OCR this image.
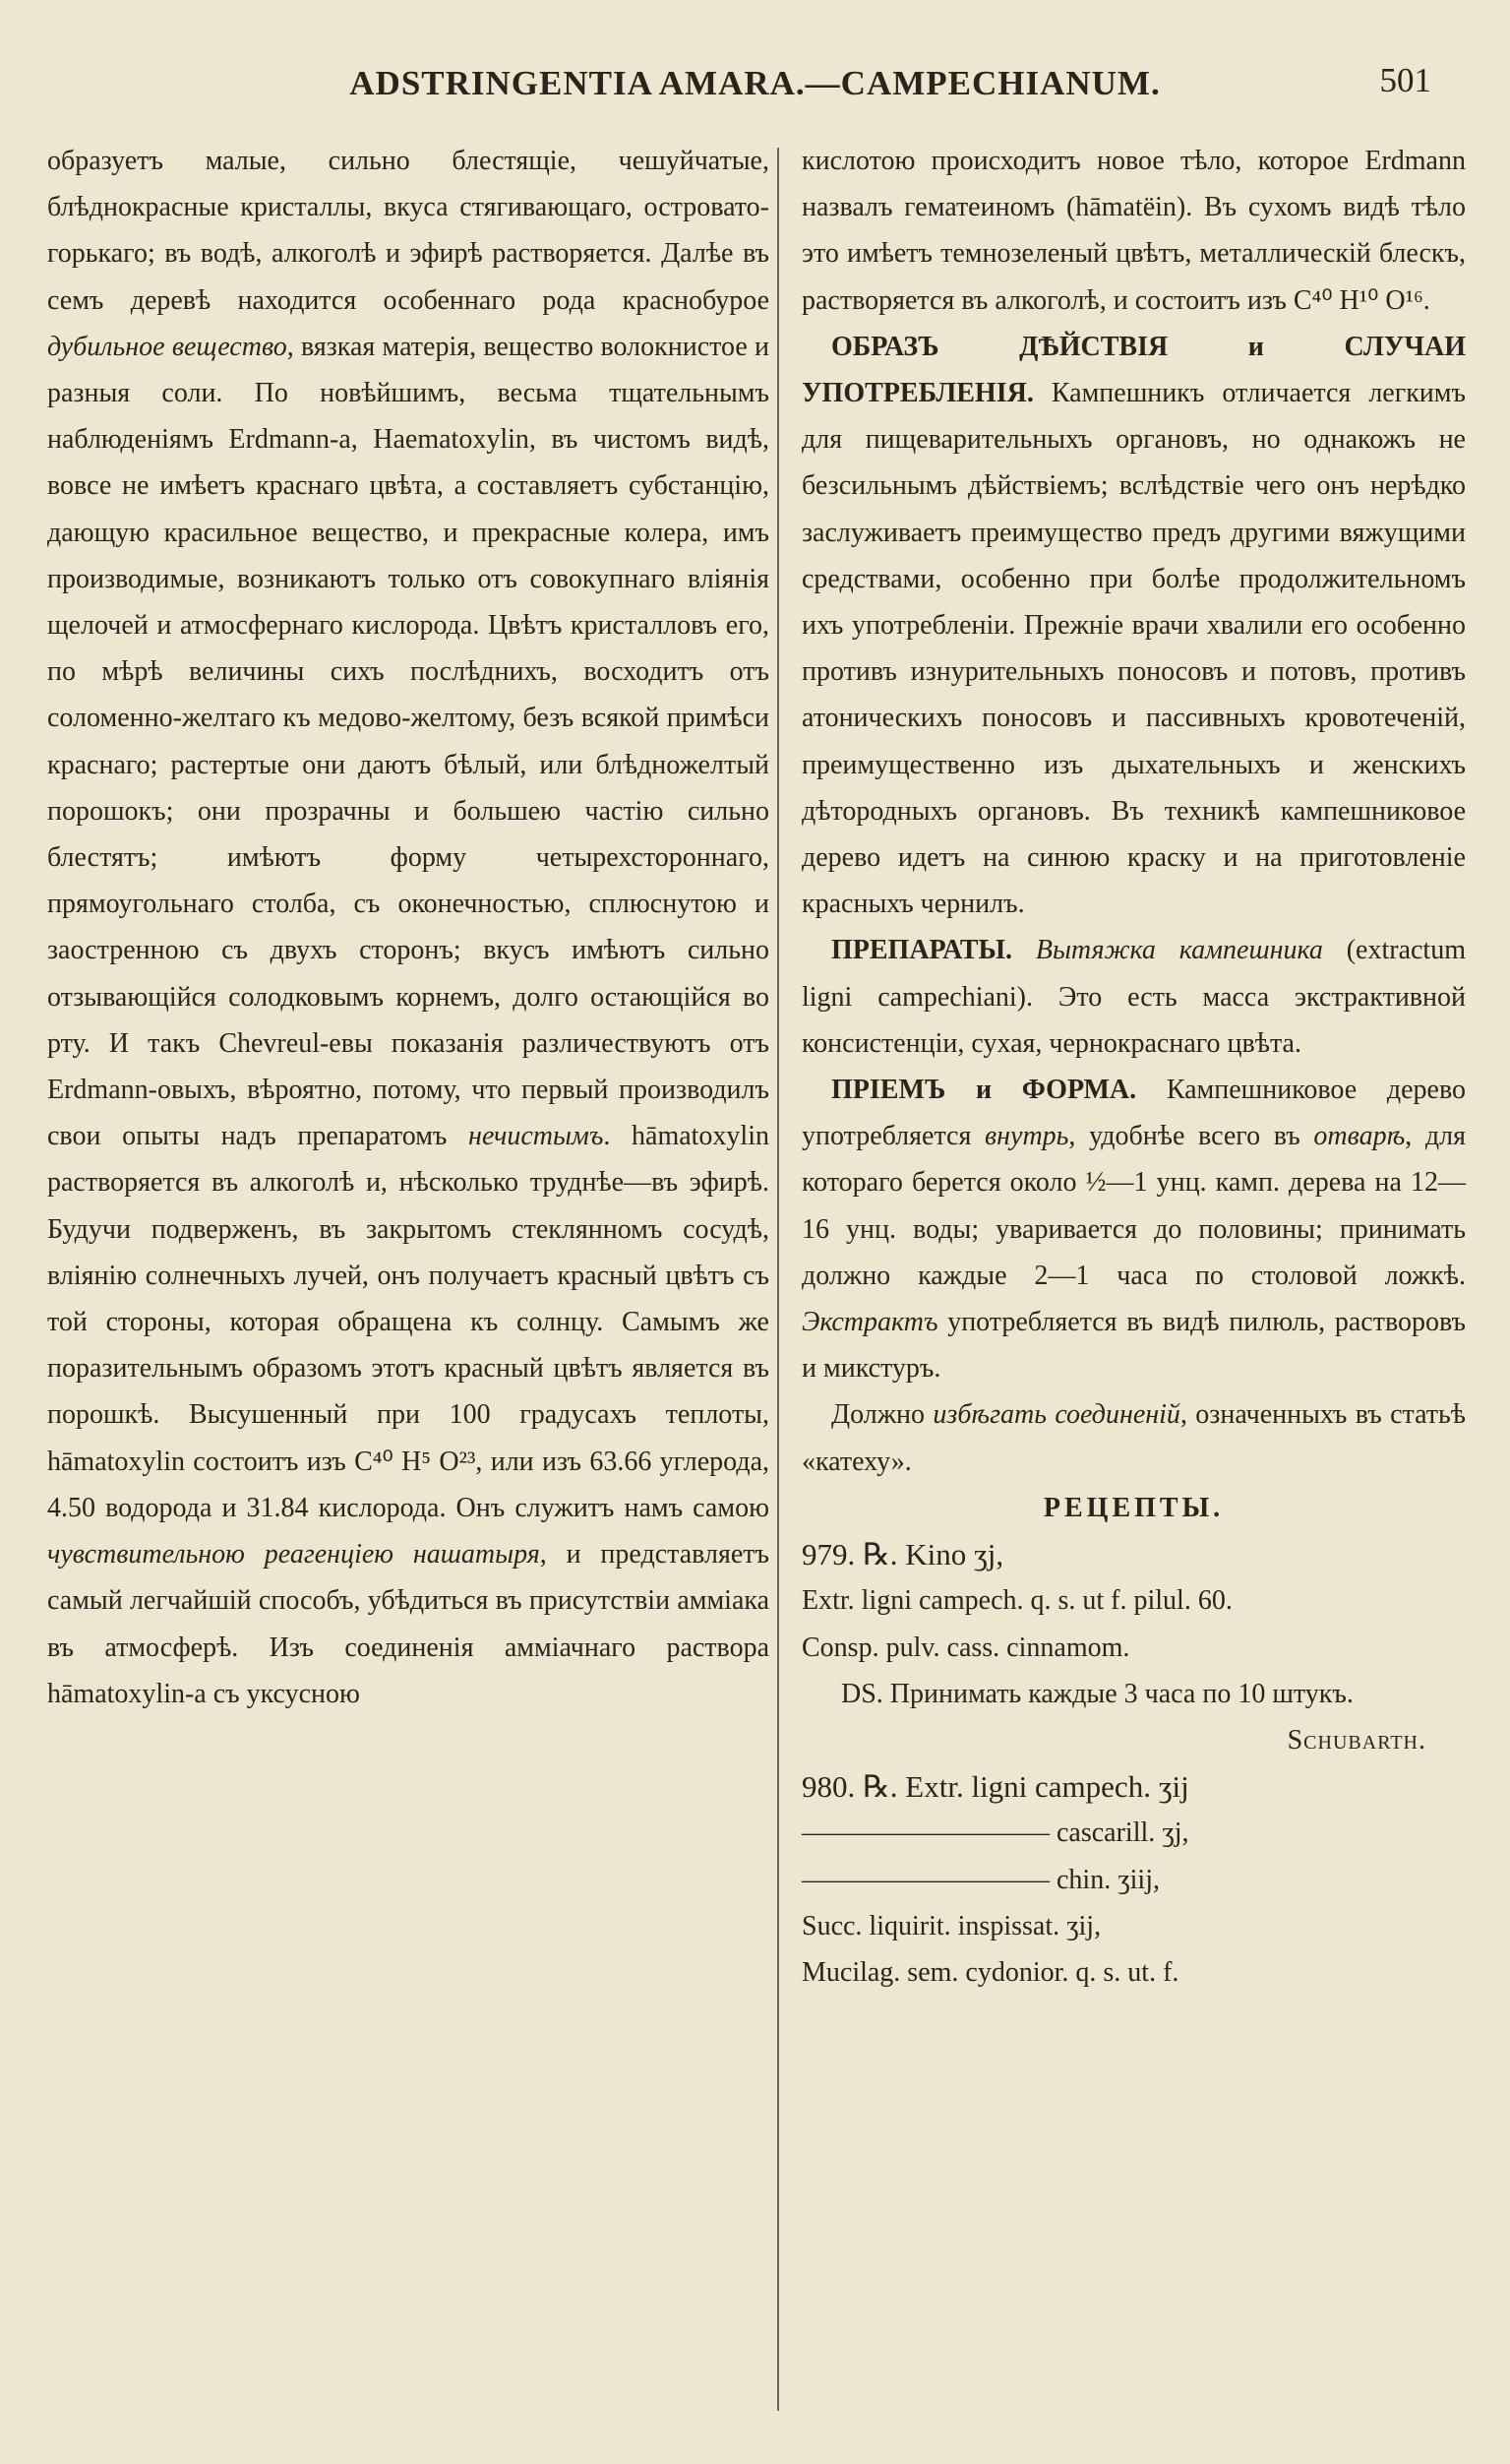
ADSTRINGENTIA AMARA.—CAMPECHIANUM.	501

образуетъ малые, сильно блестящіе, чешуйчатые, блѣднокрасные кристаллы, вкуса стягивающаго, островато-горькаго; въ водѣ, алкоголѣ и эфирѣ растворяется. Далѣе въ семъ деревѣ находится особеннаго рода краснобурое дубильное вещество, вязкая матерія, вещество волокнистое и разныя соли. По новѣйшимъ, весьма тщательнымъ наблюденіямъ Erdmann-а, Haematoxylin, въ чистомъ видѣ, вовсе не имѣетъ краснаго цвѣта, а составляетъ субстанцію, дающую красильное вещество, и прекрасные колера, имъ производимые, возникаютъ только отъ совокупнаго вліянія щелочей и атмосфернаго кислорода. Цвѣтъ кристалловъ его, по мѣрѣ величины сихъ послѣднихъ, восходитъ отъ соломенно-желтаго къ медово-желтому, безъ всякой примѣси краснаго; растертые они даютъ бѣлый, или блѣдножелтый порошокъ; они прозрачны и большею частію сильно блестятъ; имѣютъ форму четырехстороннаго, прямоугольнаго столба, съ оконечностью, сплюснутою и заостренною съ двухъ сторонъ; вкусъ имѣютъ сильно отзывающійся солодковымъ корнемъ, долго остающійся во рту. И такъ Chevreul-евы показанія различествуютъ отъ Erdmann-овыхъ, вѣроятно, потому, что первый производилъ свои опыты надъ препаратомъ нечистымъ. hāmatoxylin растворяется въ алкоголѣ и, нѣсколько труднѣе—въ эфирѣ. Будучи подверженъ, въ закрытомъ стеклянномъ сосудѣ, вліянію солнечныхъ лучей, онъ получаетъ красный цвѣтъ съ той стороны, которая обращена къ солнцу. Самымъ же поразительнымъ образомъ этотъ красный цвѣтъ является въ порошкѣ. Высушенный при 100 градусахъ теплоты, hāmatoxylin состоитъ изъ C⁴⁰ H⁵ O²³, или изъ 63.66 углерода, 4.50 водорода и 31.84 кислорода. Онъ служитъ намъ самою чувствительною реагенціею нашатыря, и представляетъ самый легчайшій способъ, убѣдиться въ присутствіи амміака въ атмосферѣ. Изъ соединенія амміачнаго раствора hāmatoxylin-а съ уксусною

кислотою происходитъ новое тѣло, которое Erdmann назвалъ гематеиномъ (hāmatëin). Въ сухомъ видѣ тѣло это имѣетъ темнозеленый цвѣтъ, металлическій блескъ, растворяется въ алкоголѣ, и состоитъ изъ C⁴⁰ H¹⁰ O¹⁶.

ОБРАЗЪ ДѢЙСТВІЯ и СЛУЧАИ УПОТРЕБЛЕНІЯ. Кампешникъ отличается легкимъ для пищеварительныхъ органовъ, но однакожъ не безсильнымъ дѣйствіемъ; вслѣдствіе чего онъ нерѣдко заслуживаетъ преимущество предъ другими вяжущими средствами, особенно при болѣе продолжительномъ ихъ употребленіи. Прежніе врачи хвалили его особенно противъ изнурительныхъ поносовъ и потовъ, противъ атоническихъ поносовъ и пассивныхъ кровотеченій, преимущественно изъ дыхательныхъ и женскихъ дѣтородныхъ органовъ. Въ техникѣ кампешниковое дерево идетъ на синюю краску и на приготовленіе красныхъ чернилъ.

ПРЕПАРАТЫ. Вытяжка кампешника (extractum ligni campechiani). Это есть масса экстрактивной консистенціи, сухая, чернокраснаго цвѣта.

ПРІЕМЪ и ФОРМА. Кампешниковое дерево употребляется внутрь, удобнѣе всего въ отварѣ, для котораго берется около ½—1 унц. камп. дерева на 12—16 унц. воды; уваривается до половины; принимать должно каждые 2—1 часа по столовой ложкѣ. Экстрактъ употребляется въ видѣ пилюль, растворовъ и микстуръ.

Должно избѣгать соединеній, означенныхъ въ статьѣ «катеху».

РЕЦЕПТЫ.

979. ℞. Kino ʒj,

Extr. ligni campech. q. s. ut f. pilul. 60.

Consp. pulv. cass. cinnamom.

DS. Принимать каждые 3 часа по 10 штукъ.

Schubarth.

980. ℞. Extr. ligni campech. ʒij

————————— cascarill. ʒj,

————————— chin. ʒiij,

Succ. liquirit. inspissat. ʒij,

Mucilag. sem. cydonior. q. s. ut. f.
